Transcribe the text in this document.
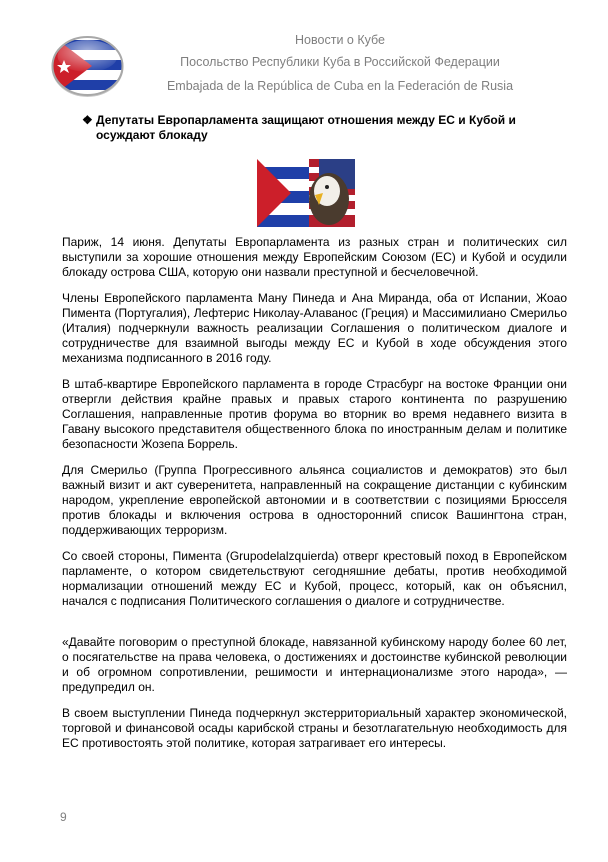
Новости о Кубе
Посольство Республики Куба в Российской Федерации
Embajada de la República de Cuba en la Federación de Rusia
❖ Депутаты Европарламента защищают отношения между ЕС и Кубой и осуждают блокаду
Париж, 14 июня. Депутаты Европарламента из разных стран и политических сил выступили за хорошие отношения между Европейским Союзом (ЕС) и Кубой и осудили блокаду острова США, которую они назвали преступной и бесчеловечной.
Члены Европейского парламента Ману Пинеда и Ана Миранда, оба от Испании, Жоао Пимента (Португалия), Лефтерис Николау-Алаванос (Греция) и Массимилиано Смерильо (Италия) подчеркнули важность реализации Соглашения о политическом диалоге и сотрудничестве для взаимной выгоды между ЕС и Кубой в ходе обсуждения этого механизма подписанного в 2016 году.
В штаб-квартире Европейского парламента в городе Страсбург на востоке Франции они отвергли действия крайне правых и правых старого континента по разрушению Соглашения, направленные против форума во вторник во время недавнего визита в Гавану высокого представителя общественного блока по иностранным делам и политике безопасности Жозепа Боррель.
Для Смерильо (Группа Прогрессивного альянса социалистов и демократов) это был важный визит и акт суверенитета, направленный на сокращение дистанции с кубинским народом, укрепление европейской автономии и в соответствии с позициями Брюсселя против блокады и включения острова в односторонний список Вашингтона стран, поддерживающих терроризм.
Со своей стороны, Пимента (Grupodelalzquierda) отверг крестовый поход в Европейском парламенте, о котором свидетельствуют сегодняшние дебаты, против необходимой нормализации отношений между ЕС и Кубой, процесс, который, как он объяснил, начался с подписания Политического соглашения о диалоге и сотрудничестве.
«Давайте поговорим о преступной блокаде, навязанной кубинскому народу более 60 лет, о посягательстве на права человека, о достижениях и достоинстве кубинской революции и об огромном сопротивлении, решимости и интернационализме этого народа», — предупредил он.
В своем выступлении Пинеда подчеркнул экстерриториальный характер экономической, торговой и финансовой осады карибской страны и безотлагательную необходимость для ЕС противостоять этой политике, которая затрагивает его интересы.
9
